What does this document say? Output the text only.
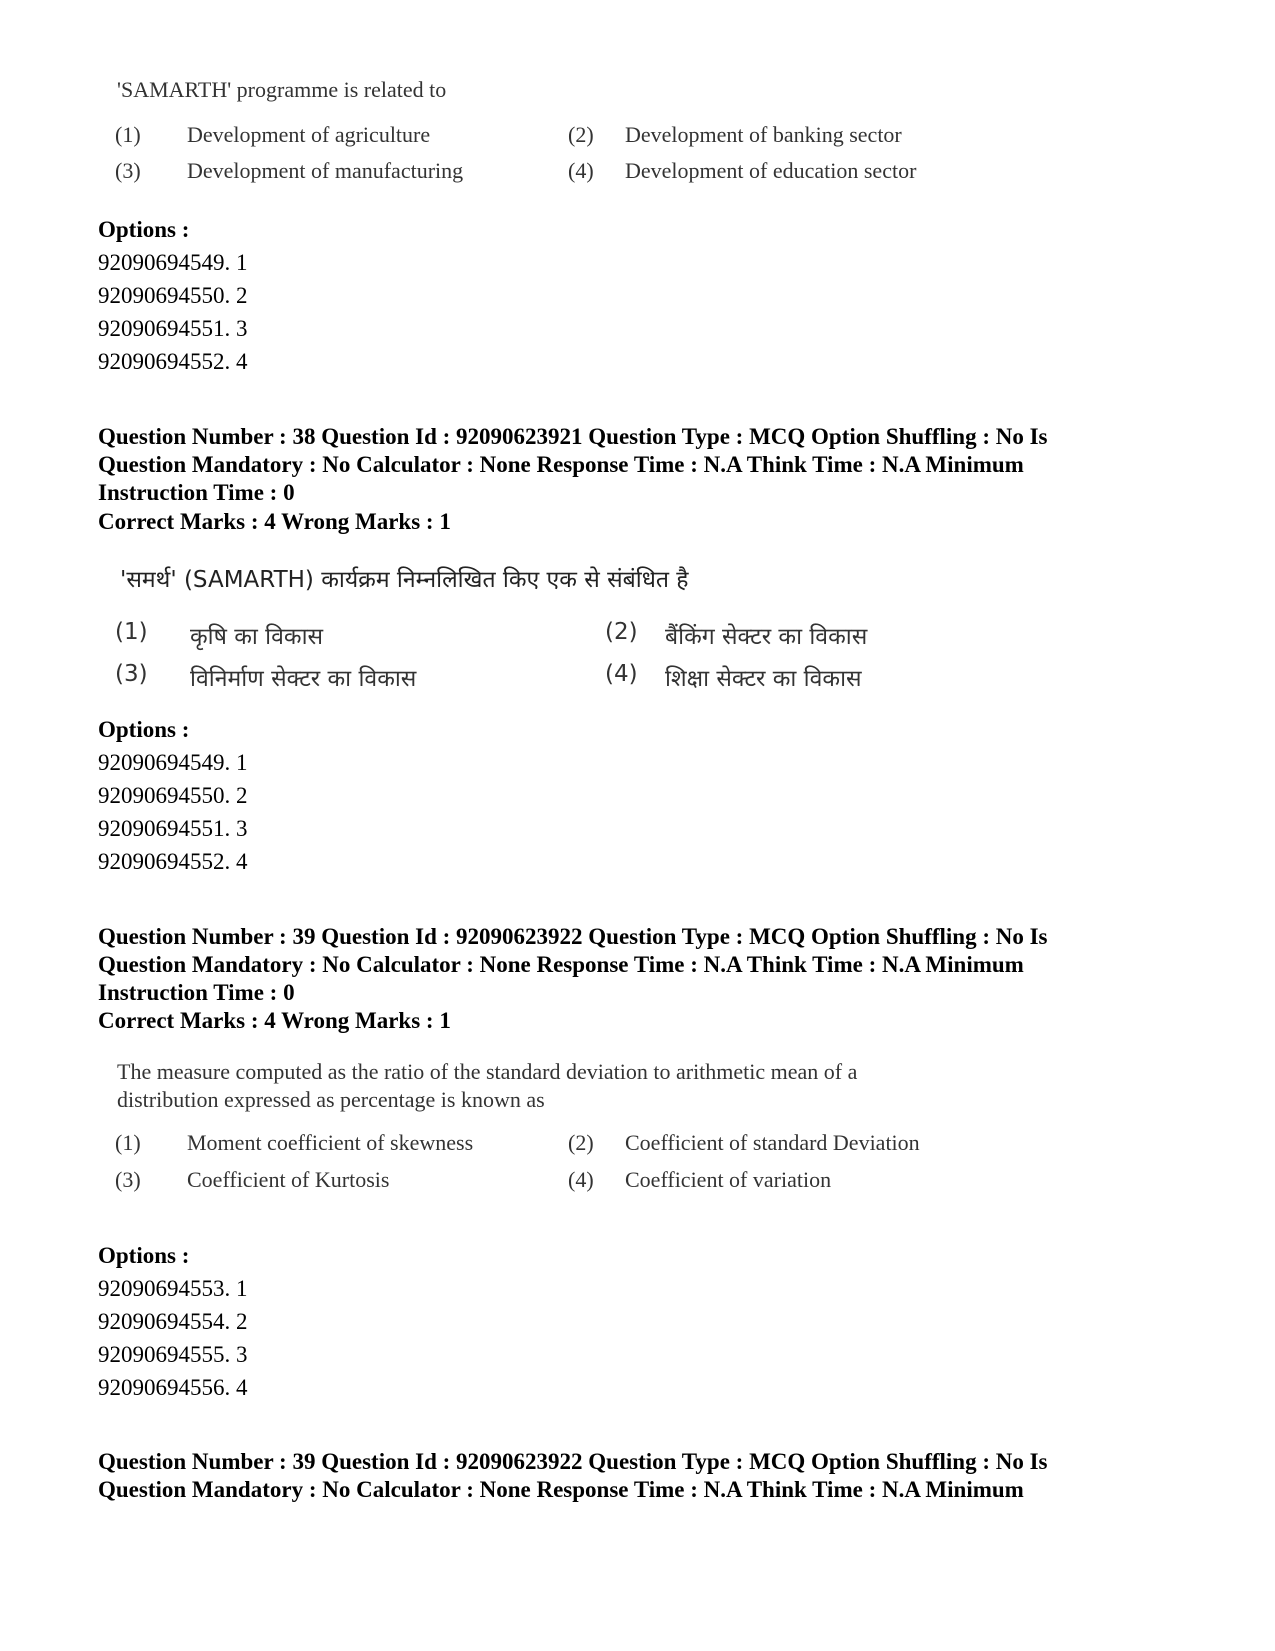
'SAMARTH' programme is related to
(1)	Development of agriculture	(2)	Development of banking sector
(3)	Development of manufacturing	(4)	Development of education sector
Options :
92090694549. 1
92090694550. 2
92090694551. 3
92090694552. 4
Question Number : 38 Question Id : 92090623921 Question Type : MCQ Option Shuffling : No Is
Question Mandatory : No Calculator : None Response Time : N.A Think Time : N.A Minimum
Instruction Time : 0
Correct Marks : 4 Wrong Marks : 1
'समर्थ' (SAMARTH) कार्यक्रम निम्नलिखित किए एक से संबंधित है
(1)	कृषि का विकास	(2)	बैंकिंग सेक्टर का विकास
(3)	विनिर्माण सेक्टर का विकास	(4)	शिक्षा सेक्टर का विकास
Options :
92090694549. 1
92090694550. 2
92090694551. 3
92090694552. 4
Question Number : 39 Question Id : 92090623922 Question Type : MCQ Option Shuffling : No Is
Question Mandatory : No Calculator : None Response Time : N.A Think Time : N.A Minimum
Instruction Time : 0
Correct Marks : 4 Wrong Marks : 1
The measure computed as the ratio of the standard deviation to arithmetic mean of a
distribution expressed as percentage is known as
(1)	Moment coefficient of skewness	(2)	Coefficient of standard Deviation
(3)	Coefficient of Kurtosis	(4)	Coefficient of variation
Options :
92090694553. 1
92090694554. 2
92090694555. 3
92090694556. 4
Question Number : 39 Question Id : 92090623922 Question Type : MCQ Option Shuffling : No Is
Question Mandatory : No Calculator : None Response Time : N.A Think Time : N.A Minimum
